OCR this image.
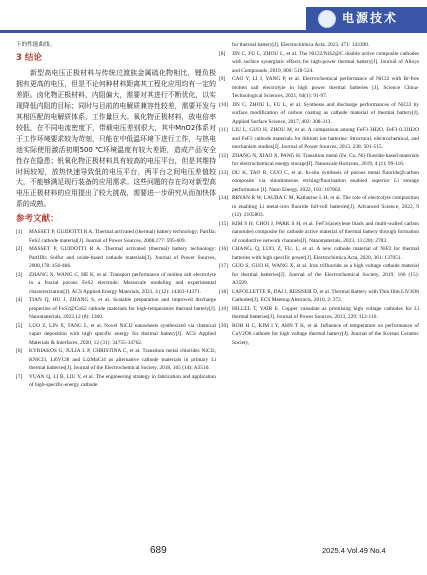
电源技术

下的性能曲线。

3 结论

新型高电压正极材料与传统过渡族金属硫化物相比，锂负极拥有更高的电压，但是不论何种材料距离其工程化应用均有一定的差距。卤化物正极材料，内阻偏大，需要对其进行不断优化，以实现降低内阻的目标；同时与目前的电解质兼容性较差，需要开发与其相匹配的电解质体系，工作量巨大。氧化物正极材料，放电倍率较低，在不同电流密度下，带载电压差别很大，其中MnO2体系对于工作环境要求较为苛刻，只能在中低温环境下进行工作，与热电池实际使用激活初期500 ℃环境温度有较大差距，造成产品安全性存在隐患；钒氧化物正极材料具有较高的电压平台，但是其维持时间较短，放热快速导致低的电压平台，两平台之间电压差值较大，不能够满足现行装备的应用需求。这些问题的存在均对新型高电压正极材料的应用提出了较大挑战，需要进一步研究从而加快体系的成熟。

参考文献：
[1]	MASSET P, GUIDOTTI R A. Thermal activated (thermal) battery technology: PartIIa: FeS2 cathode material[J]. Journal of Power Sources, 2008,177: 595-609.
[2]	MASSET P, GUIDOTTI R A. Thermal activated (thermal) battery technology: PartIIIb: Sulfur and oxide-based cathode materials[J]. Journal of Power Sources, 2008,178: 456-466.
[3]	ZHANG X, WANG C, HE K, et al. Transport performance of molten salt electrolyte in a fractal porous FeS2 electrode: Mesoscale modeling and experimental characterization[J]. ACS Applied Energy Materials, 2021, 4 (12): 14363-14371.
[4]	TIAN Q, HU J, ZHANG S, et al. Scalable preparation and improved discharge properties of FeS2@CoS2 cathode materials for high-temperature thermal battery[J]. Nanomaterials, 2022,12 (8): 1360.
[5]	LUO Z, LIN X, TANG L, et al. Novel NiCl2 nanosheets synthesized via chemical vapor deposition with high specific energy for thermal battery[J]. ACS Applied Materials & Interfaces, 2020, 12 (31): 34755-34762.
[6]	KYRIAKOS G, JULIA L P, CHRISTINA C, et al. Transition metal chlorides NiCl2, KNiCl3, Li6VCl8 and Li2MnCl4 as alternative cathode materials in primary Li thermal batteries[J]. Journal of the Electrochemical Society, 2018, 165 (14): A3510.
[7]	YUAN Q, LI B, LIU Y, et al. The engineering strategy in fabrication and application of high-specific-energy cathode
for thermal battery[J]. Electrochimica Acta, 2023, 471: 143390.
[8]	JIN C, FU L, ZHOU L, et al. The NiCl2/NiS2@C double active composite cathodes with surface synergistic effects for high-power thermal battery[J]. Journal of Alloys and Compounds, 2019, 800: 518-524.
[9]	CAO Y, LI J, YANG P, et al. Electrochemical performance of NiCl2 with Br-free molten salt electrolyte in high power thermal batteries [J]. Science China-Technological Sciences, 2021, 64(1): 91-97.
[10] JIN C, ZHOU L, FU L, et al. Synthesis and discharge performances of NiCl2 by surface modification of carbon coating as cathode material of thermal battery[J]. Applied Surface Science, 2017, 402: 308-313.
[11] LIU L, GUO H, ZHOU M, et al. A comparison among FeF3·3H2O, FeF3·0.33H2O and FeF3 cathode materials for lithium ion batteries: Structural, electrochemical, and mechanism studies[J]. Journal of Power Sources, 2013, 238: 501-515.
[12] ZHANG N, XIAO X, PANG H. Transition metal (Fe, Co, Ni) fluoride-based materials for electrochemical energy storage[J]. Nanoscale Horizons, 2019, 4 (1): 99-116.
[13] DU K, TAO R, GUO C, et al. In-situ synthesis of porous metal fluoride@carbon composite via simultaneous etching/fluorination enabled superior Li storage performance [J]. Nano Energy, 2022, 103: 107862.
[14] BRYAN R W, LAURA C M, Katharine L H, et al. The role of electrolyte composition in enabling Li metal-iron fluoride full-cell batteries[J]. Advanced Science, 2022, 9 (12): 2105803.
[15] KIM S H, CHOI J, PARK S H, et al. FeF3/(acetylene black and multi-walled carbon nanotube) composite for cathode active material of thermal battery through formation of conductive network channels[J]. Nanomaterials, 2023, 13 (20): 2783.
[16] CHANG, Q, LUO, Z, FU, L, et al. A new cathode material of NiF2 for thermal batteries with high specific power[J]. Electrochimica Acta, 2020, 361: 137051.
[17] GUO S, GUO H, WANG X, et al. Iron trifluoride as a high voltage cathode material for thermal batteries[J]. Journal of the Electrochemical Society, 2019, 166 (15): A3599.
[18] LAFOLLETTE R, DAI J, REISNER D, et al. Thermal Battery with Thin film LiV3O8 Cathodes[J]. ECS Meeting Abstracts, 2010, 2: 372.
[19] HILLEL T, YAIR E. Copper vanadate as promising high voltage cathodes for Li thermal batteries[J]. Journal of Power Sources, 2013, 229: 112-116.
[20] ROH H C, KIM I Y, AHN T K, et al. Influence of temperature on performance of CuV2O6 cathode for high voltage thermal battery[J]. Journal of the Korean Ceramic Society,
689	2025.4 Vol.49 No.4
